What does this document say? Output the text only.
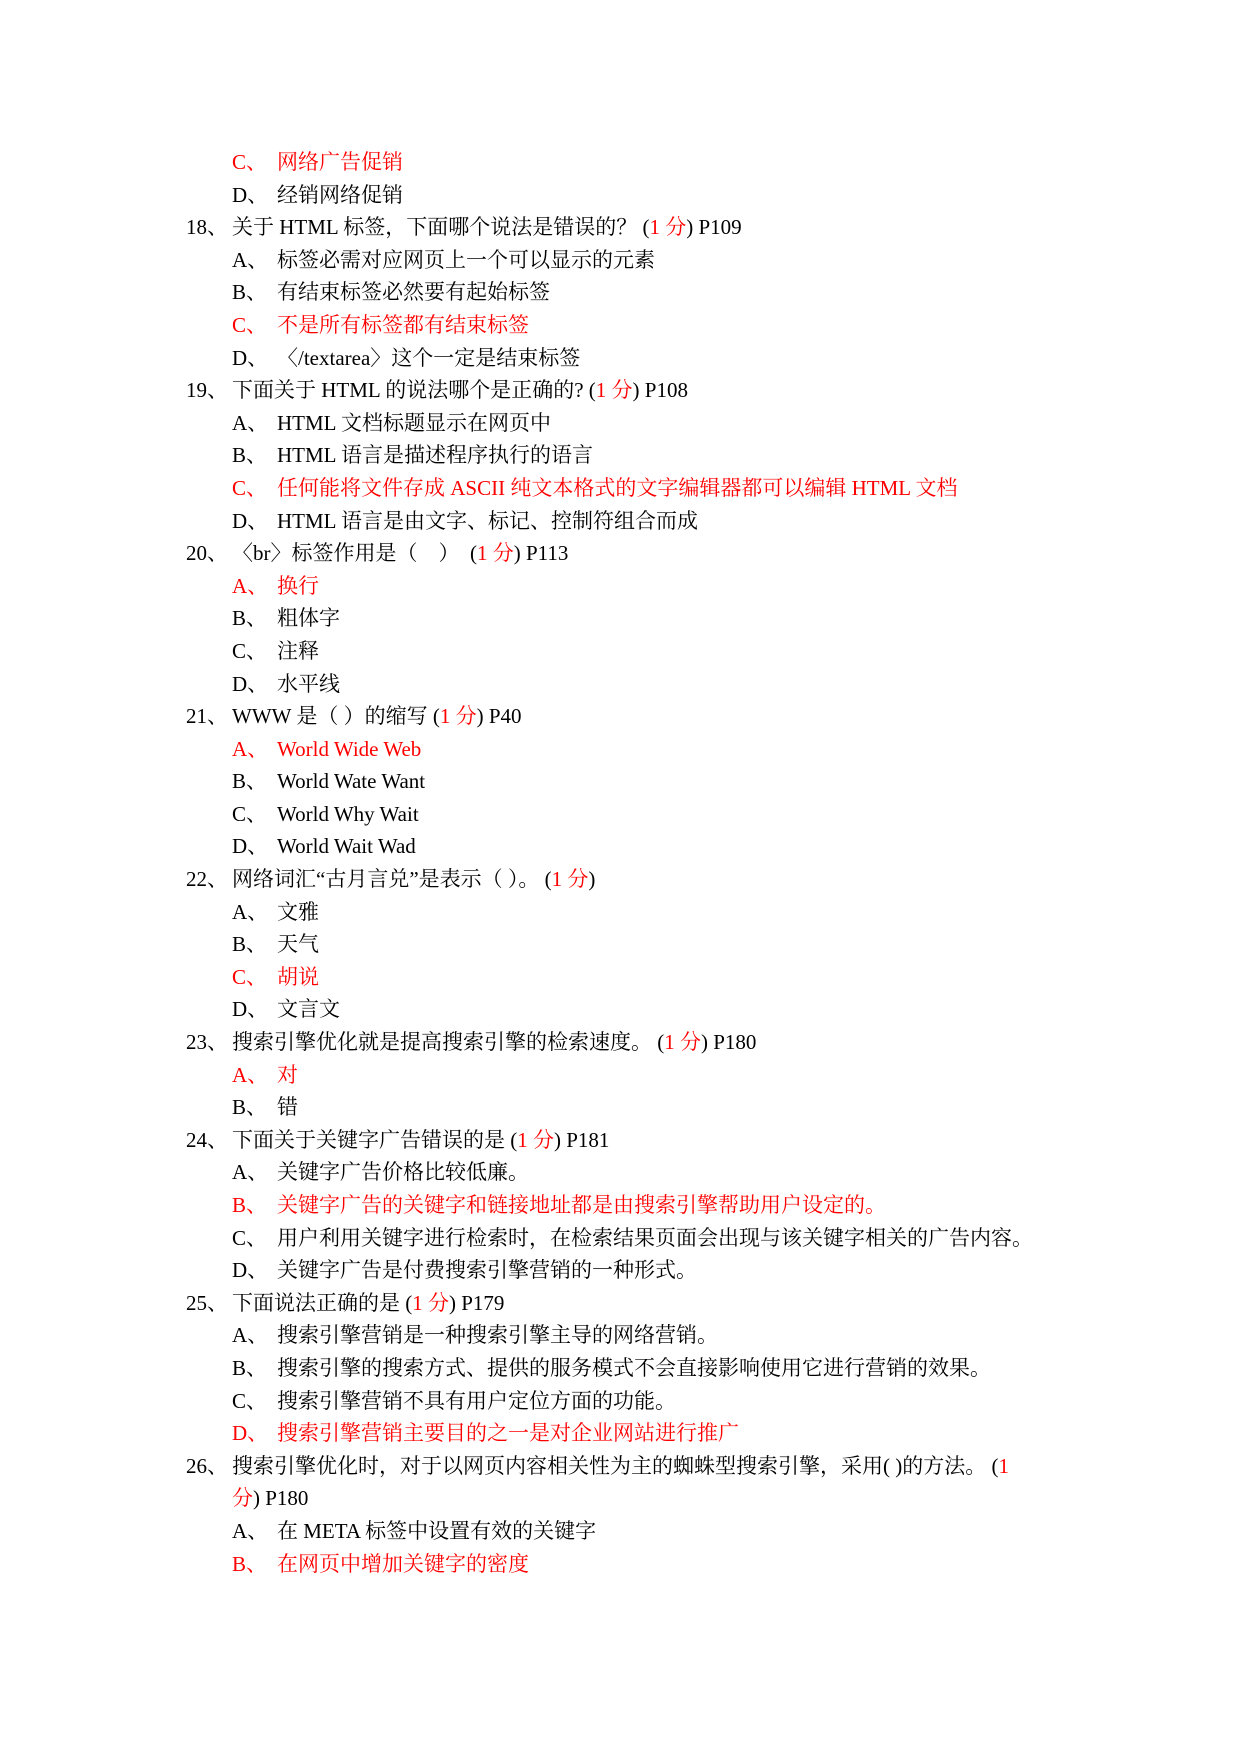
C、 网络广告促销
D、 经销网络促销
18、 关于 HTML 标签，下面哪个说法是错误的？ (1 分) P109
A、 标签必需对应网页上一个可以显示的元素
B、 有结束标签必然要有起始标签
C、 不是所有标签都有结束标签
D、 〈/textarea〉这个一定是结束标签
19、 下面关于 HTML 的说法哪个是正确的? (1 分) P108
A、 HTML 文档标题显示在网页中
B、 HTML 语言是描述程序执行的语言
C、 任何能将文件存成 ASCII 纯文本格式的文字编辑器都可以编辑 HTML 文档
D、 HTML 语言是由文字、标记、控制符组合而成
20、 〈br〉标签作用是（　）　(1 分) P113
A、 换行
B、 粗体字
C、 注释
D、 水平线
21、 WWW 是（ ）的缩写 (1 分) P40
A、 World Wide Web
B、 World Wate Want
C、 World Why Wait
D、 World Wait Wad
22、 网络词汇“古月言兑”是表示（ ）。 (1 分)
A、 文雅
B、 天气
C、 胡说
D、 文言文
23、 搜索引擎优化就是提高搜索引擎的检索速度。 (1 分) P180
A、 对
B、 错
24、 下面关于关键字广告错误的是 (1 分) P181
A、 关键字广告价格比较低廉。
B、 关键字广告的关键字和链接地址都是由搜索引擎帮助用户设定的。
C、 用户利用关键字进行检索时，在检索结果页面会出现与该关键字相关的广告内容。
D、 关键字广告是付费搜索引擎营销的一种形式。
25、 下面说法正确的是 (1 分) P179
A、 搜索引擎营销是一种搜索引擎主导的网络营销。
B、 搜索引擎的搜索方式、提供的服务模式不会直接影响使用它进行营销的效果。
C、 搜索引擎营销不具有用户定位方面的功能。
D、 搜索引擎营销主要目的之一是对企业网站进行推广
26、 搜索引擎优化时，对于以网页内容相关性为主的蜘蛛型搜索引擎，采用( )的方法。 (1
分) P180
A、 在 META 标签中设置有效的关键字
B、 在网页中增加关键字的密度
